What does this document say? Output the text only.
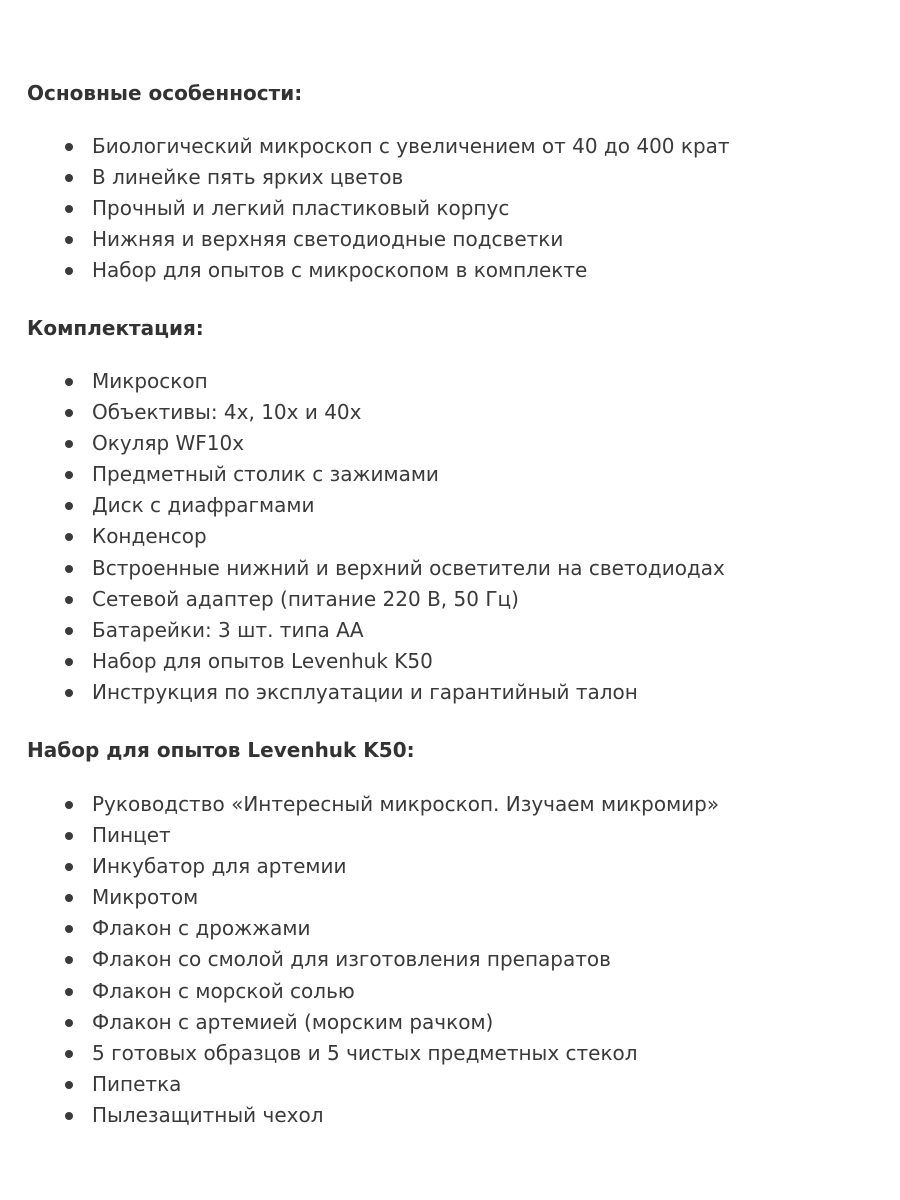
Основные особенности:
Биологический микроскоп с увеличением от 40 до 400 крат
В линейке пять ярких цветов
Прочный и легкий пластиковый корпус
Нижняя и верхняя светодиодные подсветки
Набор для опытов с микроскопом в комплекте
Комплектация:
Микроскоп
Объективы: 4х, 10х и 40х
Окуляр WF10x
Предметный столик с зажимами
Диск с диафрагмами
Конденсор
Встроенные нижний и верхний осветители на светодиодах
Сетевой адаптер (питание 220 В, 50 Гц)
Батарейки: 3 шт. типа АА
Набор для опытов Levenhuk K50
Инструкция по эксплуатации и гарантийный талон
Набор для опытов Levenhuk K50:
Руководство «Интересный микроскоп. Изучаем микромир»
Пинцет
Инкубатор для артемии
Микротом
Флакон с дрожжами
Флакон со смолой для изготовления препаратов
Флакон с морской солью
Флакон с артемией (морским рачком)
5 готовых образцов и 5 чистых предметных стекол
Пипетка
Пылезащитный чехол
